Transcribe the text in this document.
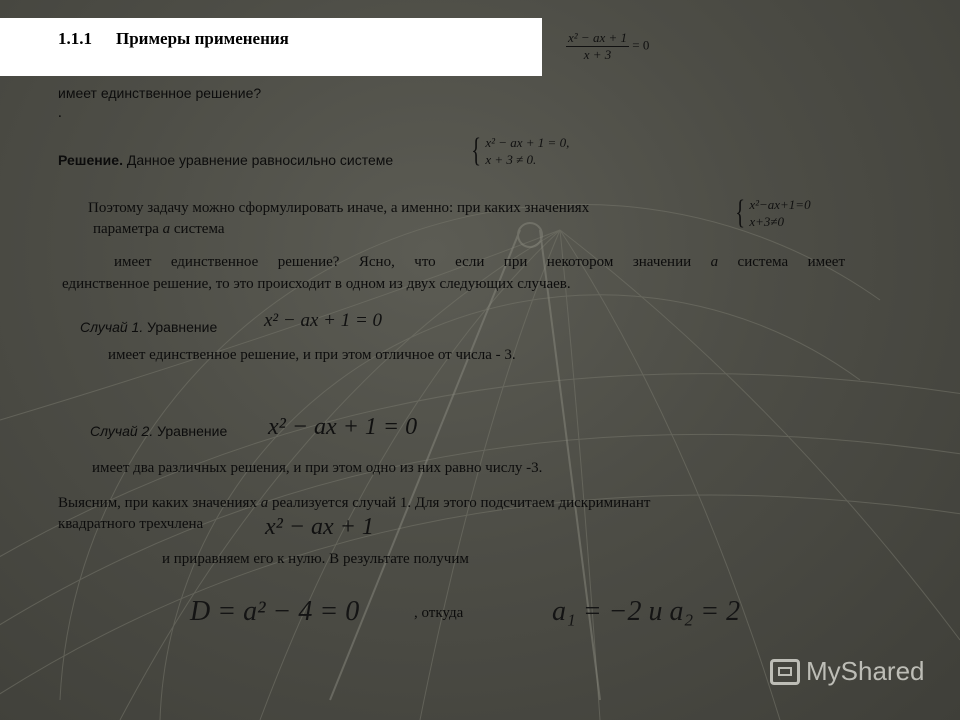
1.1.1 Примеры применения	$\frac{\text{x² − ax + 1}}{x + 3} = 0$
имеет единственное решение?
.
Решение. Данное уравнение равносильно системе { x² − ax + 1 = 0,
x + 3 ≠ 0.
Поэтому задачу можно сформулировать иначе, а именно: при каких значениях
параметра a система	{ x²−ax+1=0
x+3≠0
имеет единственное решение? Ясно, что если при некотором значении a система имеет
единственное решение, то это происходит в одном из двух следующих случаев.
Случай 1. Уравнение x² − ax + 1 = 0
имеет единственное решение, и при этом отличное от числа - 3.
Случай 2. Уравнение x² − ax + 1 = 0
имеет два различных решения, и при этом одно из них равно числу -3.
Выясним, при каких значениях a реализуется случай 1. Для этого подсчитаем дискриминант
квадратного трехчлена	x² − ax + 1
и приравняем его к нулю. В результате получим
D = a² − 4 = 0	, откуда	a₁ = −2 и a₂ = 2
MyShared
